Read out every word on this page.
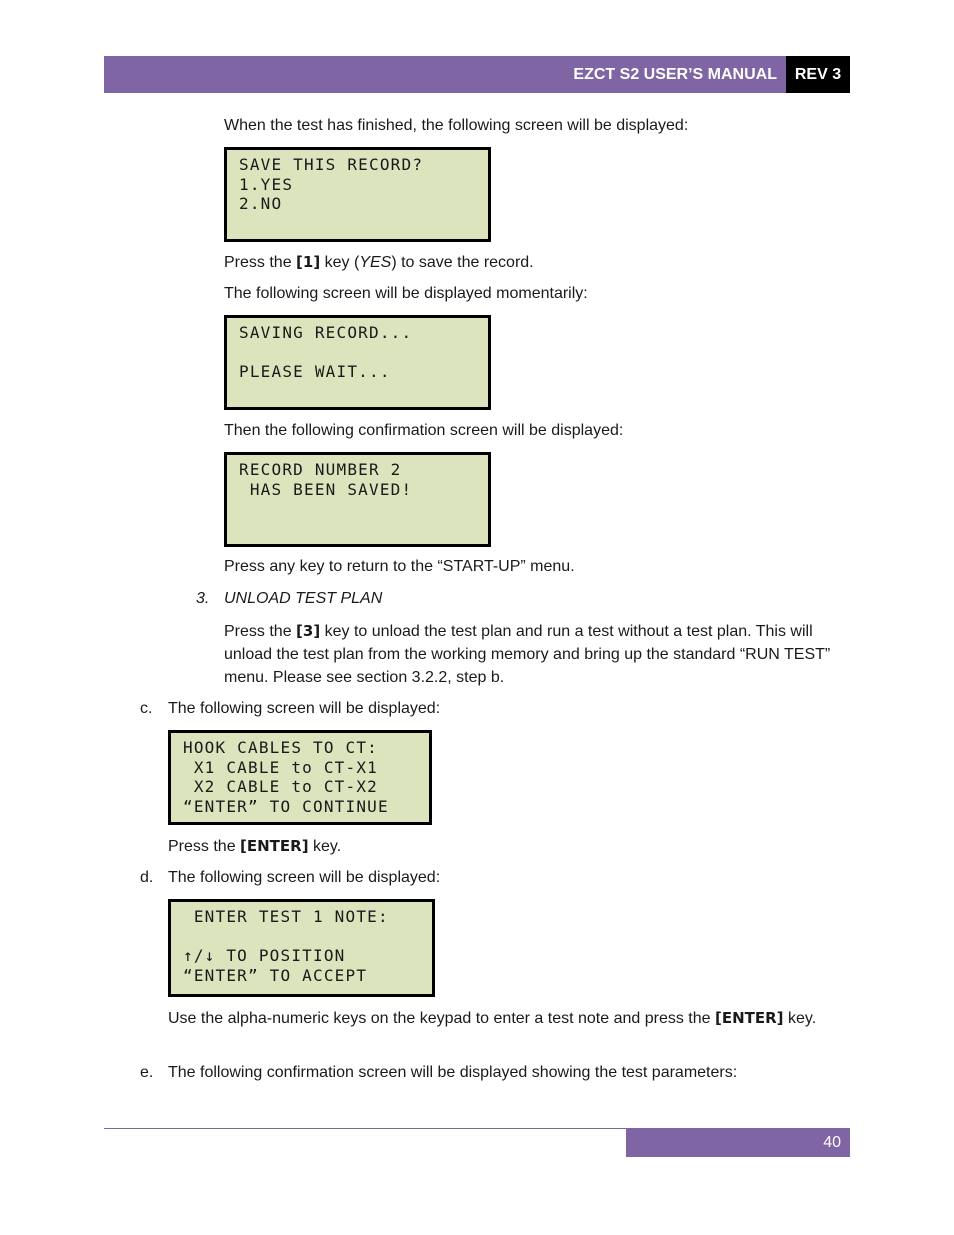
EZCT S2 USER’S MANUAL	REV 3
When the test has finished, the following screen will be displayed:
SAVE THIS RECORD?
1.YES
2.NO
Press the [1] key (YES) to save the record.
The following screen will be displayed momentarily:
SAVING RECORD...
PLEASE WAIT...
Then the following confirmation screen will be displayed:
RECORD NUMBER 2
HAS BEEN SAVED!
Press any key to return to the “START-UP” menu.
3. UNLOAD TEST PLAN
Press the [3] key to unload the test plan and run a test without a test plan. This will unload the test plan from the working memory and bring up the standard “RUN TEST” menu. Please see section 3.2.2, step b.
c. The following screen will be displayed:
HOOK CABLES TO CT:
X1 CABLE to CT-X1
X2 CABLE to CT-X2
“ENTER” TO CONTINUE
Press the [ENTER] key.
d. The following screen will be displayed:
ENTER TEST 1 NOTE:
↑/↓ TO POSITION
“ENTER” TO ACCEPT
Use the alpha-numeric keys on the keypad to enter a test note and press the [ENTER] key.
e. The following confirmation screen will be displayed showing the test parameters:
40
